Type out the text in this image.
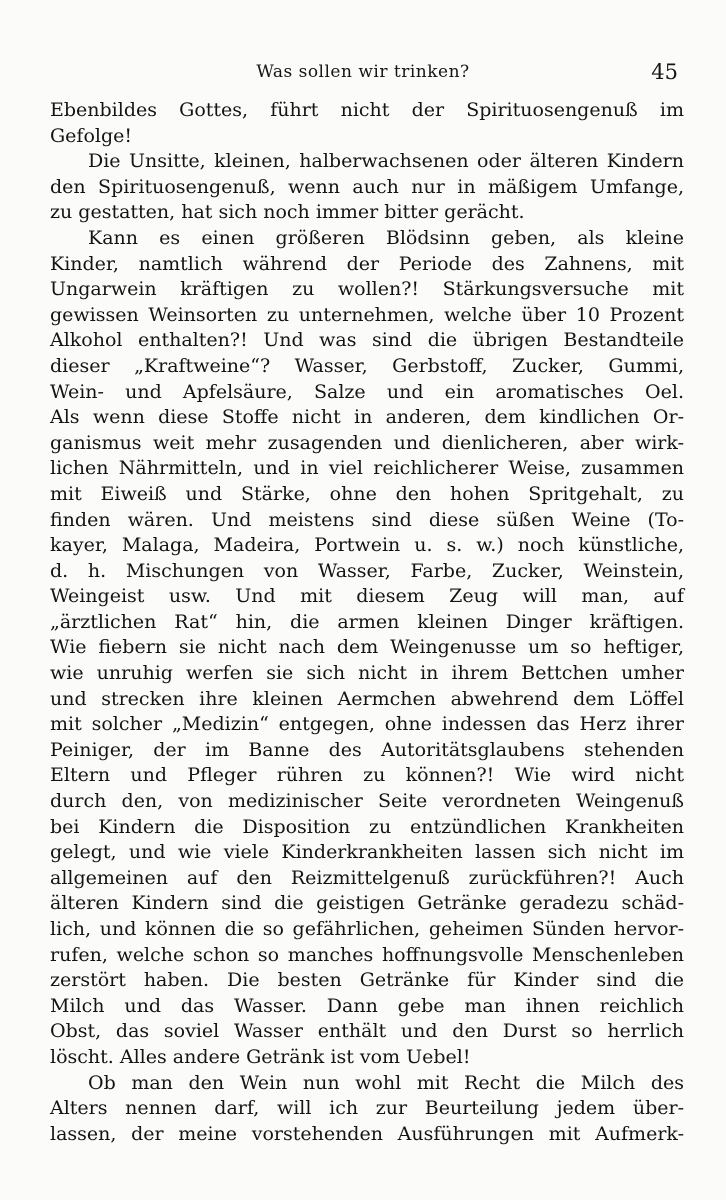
Was sollen wir trinken?	45
Ebenbildes Gottes, führt nicht der Spirituosengenuß im
Gefolge!
Die Unsitte, kleinen, halberwachsenen oder älteren Kindern
den Spirituosengenuß, wenn auch nur in mäßigem Umfange,
zu gestatten, hat sich noch immer bitter gerächt.
Kann es einen größeren Blödsinn geben, als kleine
Kinder, namtlich während der Periode des Zahnens, mit
Ungarwein kräftigen zu wollen?! Stärkungsversuche mit
gewissen Weinsorten zu unternehmen, welche über 10 Prozent
Alkohol enthalten?! Und was sind die übrigen Bestandteile
dieser „Kraftweine“? Wasser, Gerbstoff, Zucker, Gummi,
Wein- und Apfelsäure, Salze und ein aromatisches Oel.
Als wenn diese Stoffe nicht in anderen, dem kindlichen Or-
ganismus weit mehr zusagenden und dienlicheren, aber wirk-
lichen Nährmitteln, und in viel reichlicherer Weise, zusammen
mit Eiweiß und Stärke, ohne den hohen Spritgehalt, zu
finden wären. Und meistens sind diese süßen Weine (To-
kayer, Malaga, Madeira, Portwein u. s. w.) noch künstliche,
d. h. Mischungen von Wasser, Farbe, Zucker, Weinstein,
Weingeist usw. Und mit diesem Zeug will man, auf
„ärztlichen Rat“ hin, die armen kleinen Dinger kräftigen.
Wie fiebern sie nicht nach dem Weingenusse um so heftiger,
wie unruhig werfen sie sich nicht in ihrem Bettchen umher
und strecken ihre kleinen Aermchen abwehrend dem Löffel
mit solcher „Medizin“ entgegen, ohne indessen das Herz ihrer
Peiniger, der im Banne des Autoritätsglaubens stehenden
Eltern und Pfleger rühren zu können?! Wie wird nicht
durch den, von medizinischer Seite verordneten Weingenuß
bei Kindern die Disposition zu entzündlichen Krankheiten
gelegt, und wie viele Kinderkrankheiten lassen sich nicht im
allgemeinen auf den Reizmittelgenuß zurückführen?! Auch
älteren Kindern sind die geistigen Getränke geradezu schäd-
lich, und können die so gefährlichen, geheimen Sünden hervor-
rufen, welche schon so manches hoffnungsvolle Menschenleben
zerstört haben. Die besten Getränke für Kinder sind die
Milch und das Wasser. Dann gebe man ihnen reichlich
Obst, das soviel Wasser enthält und den Durst so herrlich
löscht. Alles andere Getränk ist vom Uebel!
Ob man den Wein nun wohl mit Recht die Milch des
Alters nennen darf, will ich zur Beurteilung jedem über-
lassen, der meine vorstehenden Ausführungen mit Aufmerk-
